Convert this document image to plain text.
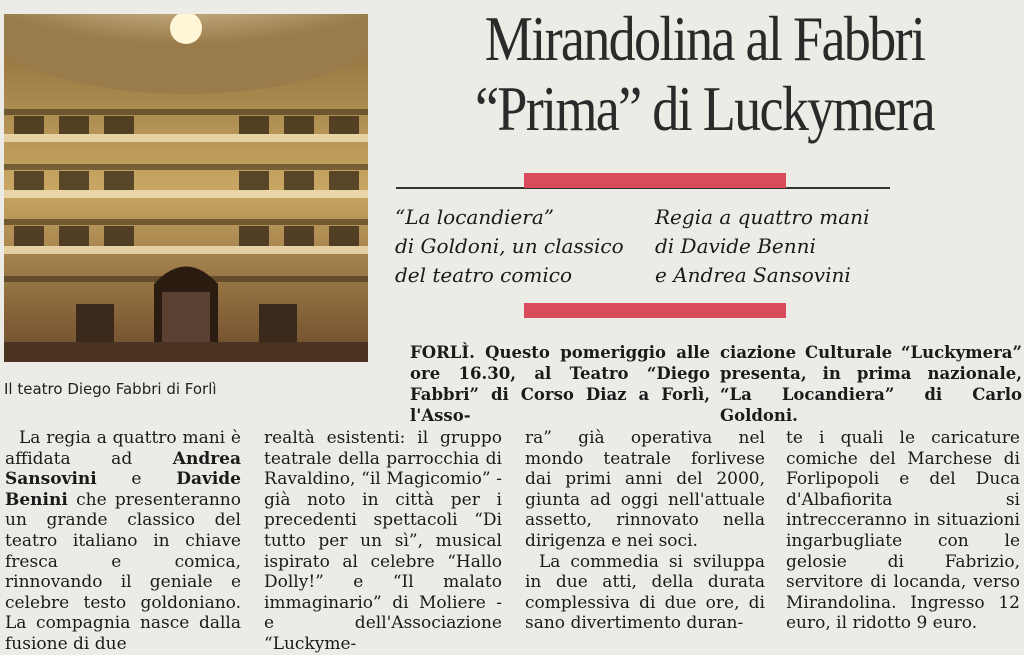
Il teatro Diego Fabbri di Forlì
Mirandolina al Fabbri
“Prima” di Luckymera
“La locandiera”
di Goldoni, un classico
del teatro comico
Regia a quattro mani
di Davide Benni
e Andrea Sansovini
FORLÌ. Questo pomeriggio alle ore 16.30, al Teatro “Diego Fabbri” di Corso Diaz a Forlì, l'Asso-
ciazione Culturale “Luckymera” presenta, in prima nazionale, “La Locandiera” di Carlo Goldoni.

La regia a quattro mani è affidata ad Andrea Sansovini e Davide Benini che presenteranno un grande classico del teatro italiano in chiave fresca e comica, rinnovando il geniale e celebre testo goldoniano. La compagnia nasce dalla fusione di due

realtà esistenti: il gruppo teatrale della parrocchia di Ravaldino, “il Magicomio” - già noto in città per i precedenti spettacoli “Di tutto per un sì”, musical ispirato al celebre “Hallo Dolly!” e “Il malato immaginario” di Moliere - e dell'Associazione “Luckyme-

ra” già operativa nel mondo teatrale forlivese dai primi anni del 2000, giunta ad oggi nell'attuale assetto, rinnovato nella dirigenza e nei soci.

La commedia si sviluppa in due atti, della durata complessiva di due ore, di sano divertimento duran-

te i quali le caricature comiche del Marchese di Forlipopoli e del Duca d'Albafiorita si intrecceranno in situazioni ingarbugliate con le gelosie di Fabrizio, servitore di locanda, verso Mirandolina. Ingresso 12 euro, il ridotto 9 euro.
